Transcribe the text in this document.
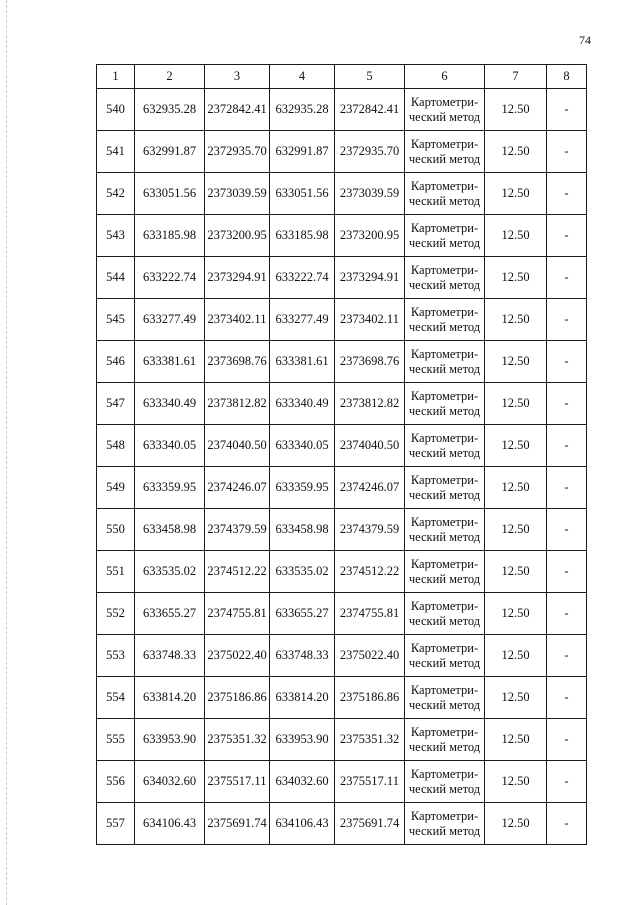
74
1	2	3	4	5	6	7	8
540	632935.28	2372842.41	632935.28	2372842.41	Картометри-
ческий метод	12.50	-
541	632991.87	2372935.70	632991.87	2372935.70	Картометри-
ческий метод	12.50	-
542	633051.56	2373039.59	633051.56	2373039.59	Картометри-
ческий метод	12.50	-
543	633185.98	2373200.95	633185.98	2373200.95	Картометри-
ческий метод	12.50	-
544	633222.74	2373294.91	633222.74	2373294.91	Картометри-
ческий метод	12.50	-
545	633277.49	2373402.11	633277.49	2373402.11	Картометри-
ческий метод	12.50	-
546	633381.61	2373698.76	633381.61	2373698.76	Картометри-
ческий метод	12.50	-
547	633340.49	2373812.82	633340.49	2373812.82	Картометри-
ческий метод	12.50	-
548	633340.05	2374040.50	633340.05	2374040.50	Картометри-
ческий метод	12.50	-
549	633359.95	2374246.07	633359.95	2374246.07	Картометри-
ческий метод	12.50	-
550	633458.98	2374379.59	633458.98	2374379.59	Картометри-
ческий метод	12.50	-
551	633535.02	2374512.22	633535.02	2374512.22	Картометри-
ческий метод	12.50	-
552	633655.27	2374755.81	633655.27	2374755.81	Картометри-
ческий метод	12.50	-
553	633748.33	2375022.40	633748.33	2375022.40	Картометри-
ческий метод	12.50	-
554	633814.20	2375186.86	633814.20	2375186.86	Картометри-
ческий метод	12.50	-
555	633953.90	2375351.32	633953.90	2375351.32	Картометри-
ческий метод	12.50	-
556	634032.60	2375517.11	634032.60	2375517.11	Картометри-
ческий метод	12.50	-
557	634106.43	2375691.74	634106.43	2375691.74	Картометри-
ческий метод	12.50	-
